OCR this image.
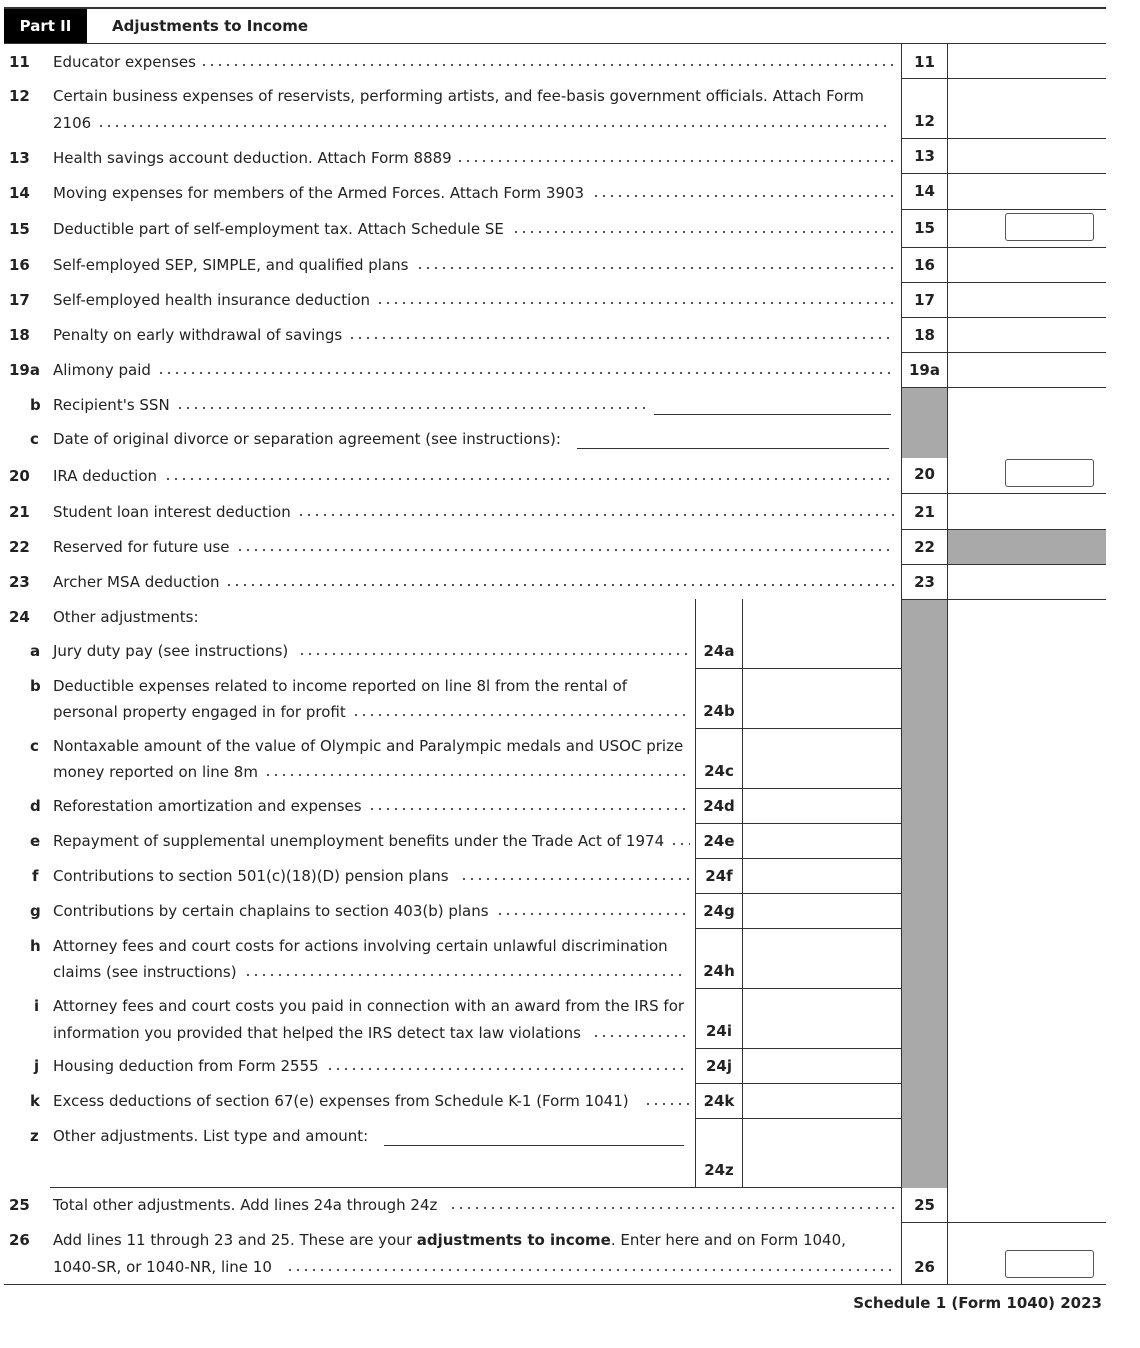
Part II	Adjustments to Income
11 Educator expenses	11
12 Certain business expenses of reservists, performing artists, and fee-basis government officials. Attach Form
2106	12
13 Health savings account deduction. Attach Form 8889	13
14 Moving expenses for members of the Armed Forces. Attach Form 3903	14
15 Deductible part of self-employment tax. Attach Schedule SE	15
16 Self-employed SEP, SIMPLE, and qualified plans	16
17 Self-employed health insurance deduction	17
18 Penalty on early withdrawal of savings	18
19a Alimony paid	19a
b Recipient's SSN
c Date of original divorce or separation agreement (see instructions):
20 IRA deduction	20
21 Student loan interest deduction	21
22 Reserved for future use	22
23 Archer MSA deduction	23
24 Other adjustments:
a Jury duty pay (see instructions)	24a
b Deductible expenses related to income reported on line 8l from the rental of
personal property engaged in for profit	24b
c Nontaxable amount of the value of Olympic and Paralympic medals and USOC prize
money reported on line 8m	24c
d Reforestation amortization and expenses	24d
e Repayment of supplemental unemployment benefits under the Trade Act of 1974	24e
f Contributions to section 501(c)(18)(D) pension plans	24f
g Contributions by certain chaplains to section 403(b) plans	24g
h Attorney fees and court costs for actions involving certain unlawful discrimination
claims (see instructions)	24h
i Attorney fees and court costs you paid in connection with an award from the IRS for
information you provided that helped the IRS detect tax law violations	24i
j Housing deduction from Form 2555	24j
k Excess deductions of section 67(e) expenses from Schedule K-1 (Form 1041)	24k
z Other adjustments. List type and amount:
24z
25 Total other adjustments. Add lines 24a through 24z	25
26 Add lines 11 through 23 and 25. These are your adjustments to income. Enter here and on Form 1040,
1040-SR, or 1040-NR, line 10	26
Schedule 1 (Form 1040) 2023
